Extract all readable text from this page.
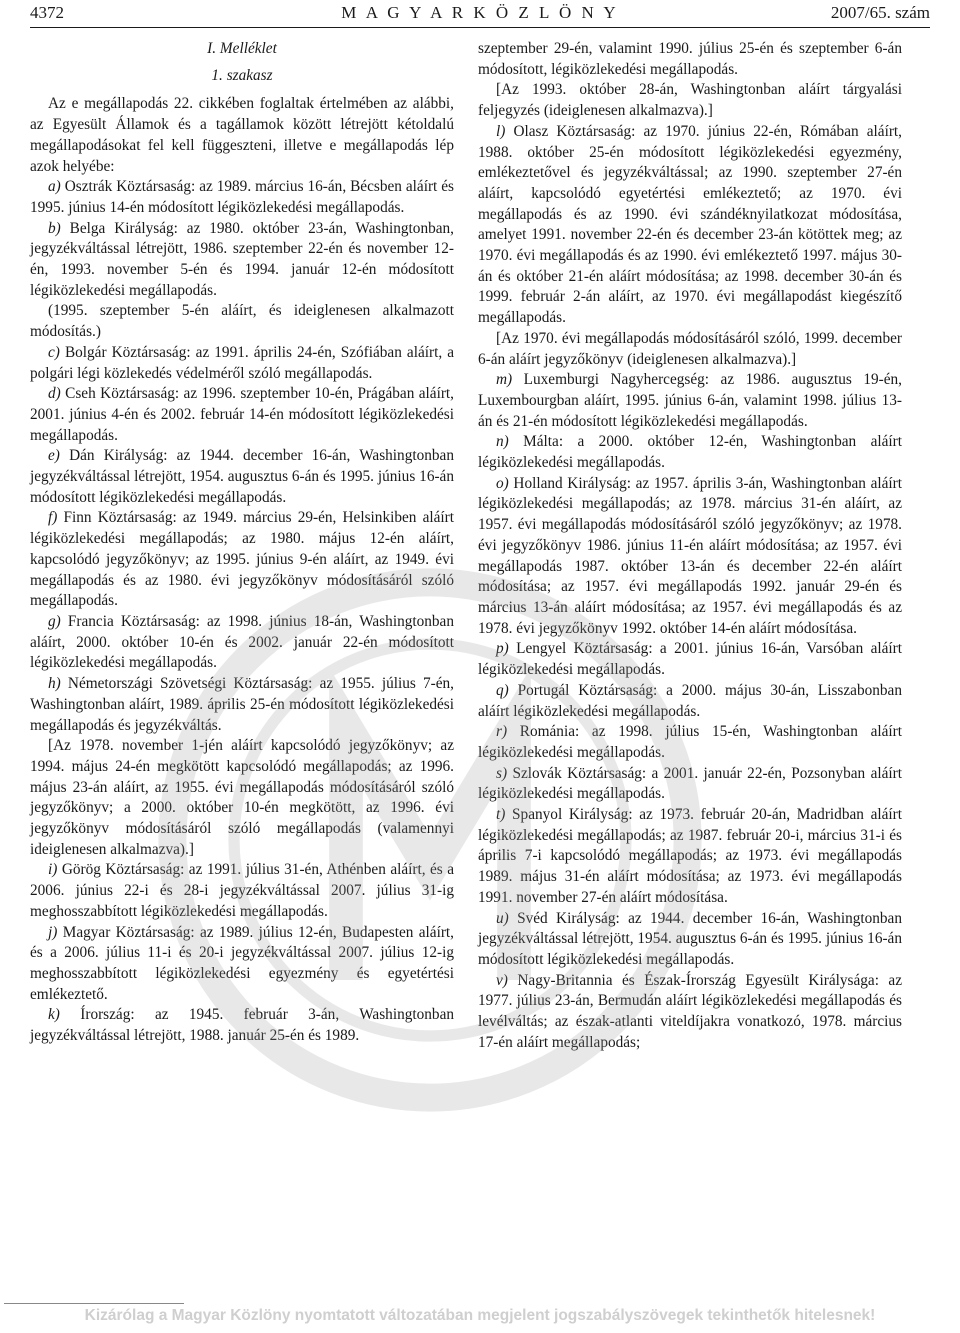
4372	M A G Y A R K Ö Z L Ö N Y	2007/65. szám

I. Melléklet

1. szakasz

Az e megállapodás 22. cikkében foglaltak értelmében az alábbi, az Egyesült Államok és a tagállamok között létrejött kétoldalú megállapodásokat fel kell függeszteni, illetve e megállapodás lép azok helyébe:

a) Osztrák Köztársaság: az 1989. március 16-án, Bécsben aláírt és 1995. június 14-én módosított légiközlekedési megállapodás.

b) Belga Királyság: az 1980. október 23-án, Washingtonban, jegyzékváltással létrejött, 1986. szeptember 22-én és november 12-én, 1993. november 5-én és 1994. január 12-én módosított légiközlekedési megállapodás.

(1995. szeptember 5-én aláírt, és ideiglenesen alkalmazott módosítás.)

c) Bolgár Köztársaság: az 1991. április 24-én, Szófiában aláírt, a polgári légi közlekedés védelméről szóló megállapodás.

d) Cseh Köztársaság: az 1996. szeptember 10-én, Prágában aláírt, 2001. június 4-én és 2002. február 14-én módosított légiközlekedési megállapodás.

e) Dán Királyság: az 1944. december 16-án, Washingtonban jegyzékváltással létrejött, 1954. augusztus 6-án és 1995. június 16-án módosított légiközlekedési megállapodás.

f) Finn Köztársaság: az 1949. március 29-én, Helsinkiben aláírt légiközlekedési megállapodás; az 1980. május 12-én aláírt, kapcsolódó jegyzőkönyv; az 1995. június 9-én aláírt, az 1949. évi megállapodás és az 1980. évi jegyzőkönyv módosításáról szóló megállapodás.

g) Francia Köztársaság: az 1998. június 18-án, Washingtonban aláírt, 2000. október 10-én és 2002. január 22-én módosított légiközlekedési megállapodás.

h) Németországi Szövetségi Köztársaság: az 1955. július 7-én, Washingtonban aláírt, 1989. április 25-én módosított légiközlekedési megállapodás és jegyzékváltás.

[Az 1978. november 1-jén aláírt kapcsolódó jegyzőkönyv; az 1994. május 24-én megkötött kapcsolódó megállapodás; az 1996. május 23-án aláírt, az 1955. évi megállapodás módosításáról szóló jegyzőkönyv; a 2000. október 10-én megkötött, az 1996. évi jegyzőkönyv módosításáról szóló megállapodás (valamennyi ideiglenesen alkalmazva).]

i) Görög Köztársaság: az 1991. július 31-én, Athénben aláírt, és a 2006. június 22-i és 28-i jegyzékváltással 2007. július 31-ig meghosszabbított légiközlekedési megállapodás.

j) Magyar Köztársaság: az 1989. július 12-én, Budapesten aláírt, és a 2006. július 11-i és 20-i jegyzékváltással 2007. július 12-ig meghosszabbított légiközlekedési egyezmény és egyetértési emlékeztető.

k) Írország: az 1945. február 3-án, Washingtonban jegyzékváltással létrejött, 1988. január 25-én és 1989.

szeptember 29-én, valamint 1990. július 25-én és szeptember 6-án módosított, légiközlekedési megállapodás.

[Az 1993. október 28-án, Washingtonban aláírt tárgyalási feljegyzés (ideiglenesen alkalmazva).]

l) Olasz Köztársaság: az 1970. június 22-én, Rómában aláírt, 1988. október 25-én módosított légiközlekedési egyezmény, emlékeztetővel és jegyzékváltással; az 1990. szeptember 27-én aláírt, kapcsolódó egyetértési emlékeztető; az 1970. évi megállapodás és az 1990. évi szándéknyilatkozat módosítása, amelyet 1991. november 22-én és december 23-án kötöttek meg; az 1970. évi megállapodás és az 1990. évi emlékeztető 1997. május 30-án és október 21-én aláírt módosítása; az 1998. december 30-án és 1999. február 2-án aláírt, az 1970. évi megállapodást kiegészítő megállapodás.

[Az 1970. évi megállapodás módosításáról szóló, 1999. december 6-án aláírt jegyzőkönyv (ideiglenesen alkalmazva).]

m) Luxemburgi Nagyhercegség: az 1986. augusztus 19-én, Luxembourgban aláírt, 1995. június 6-án, valamint 1998. július 13-án és 21-én módosított légiközlekedési megállapodás.

n) Málta: a 2000. október 12-én, Washingtonban aláírt légiközlekedési megállapodás.

o) Holland Királyság: az 1957. április 3-án, Washingtonban aláírt légiközlekedési megállapodás; az 1978. március 31-én aláírt, az 1957. évi megállapodás módosításáról szóló jegyzőkönyv; az 1978. évi jegyzőkönyv 1986. június 11-én aláírt módosítása; az 1957. évi megállapodás 1987. október 13-án és december 22-én aláírt módosítása; az 1957. évi megállapodás 1992. január 29-én és március 13-án aláírt módosítása; az 1957. évi megállapodás és az 1978. évi jegyzőkönyv 1992. október 14-én aláírt módosítása.

p) Lengyel Köztársaság: a 2001. június 16-án, Varsóban aláírt légiközlekedési megállapodás.

q) Portugál Köztársaság: a 2000. május 30-án, Lisszabonban aláírt légiközlekedési megállapodás.

r) Románia: az 1998. július 15-én, Washingtonban aláírt légiközlekedési megállapodás.

s) Szlovák Köztársaság: a 2001. január 22-én, Pozsonyban aláírt légiközlekedési megállapodás.

t) Spanyol Királyság: az 1973. február 20-án, Madridban aláírt légiközlekedési megállapodás; az 1987. február 20-i, március 31-i és április 7-i kapcsolódó megállapodás; az 1973. évi megállapodás 1989. május 31-én aláírt módosítása; az 1973. évi megállapodás 1991. november 27-én aláírt módosítása.

u) Svéd Királyság: az 1944. december 16-án, Washingtonban jegyzékváltással létrejött, 1954. augusztus 6-án és 1995. június 16-án módosított légiközlekedési megállapodás.

v) Nagy-Britannia és Észak-Írország Egyesült Királysága: az 1977. július 23-án, Bermudán aláírt légiközlekedési megállapodás és levélváltás; az észak-atlanti viteldíjakra vonatkozó, 1978. március 17-én aláírt megállapodás;

Kizárólag a Magyar Közlöny nyomtatott változatában megjelent jogszabályszövegek tekinthetők hitelesnek!
